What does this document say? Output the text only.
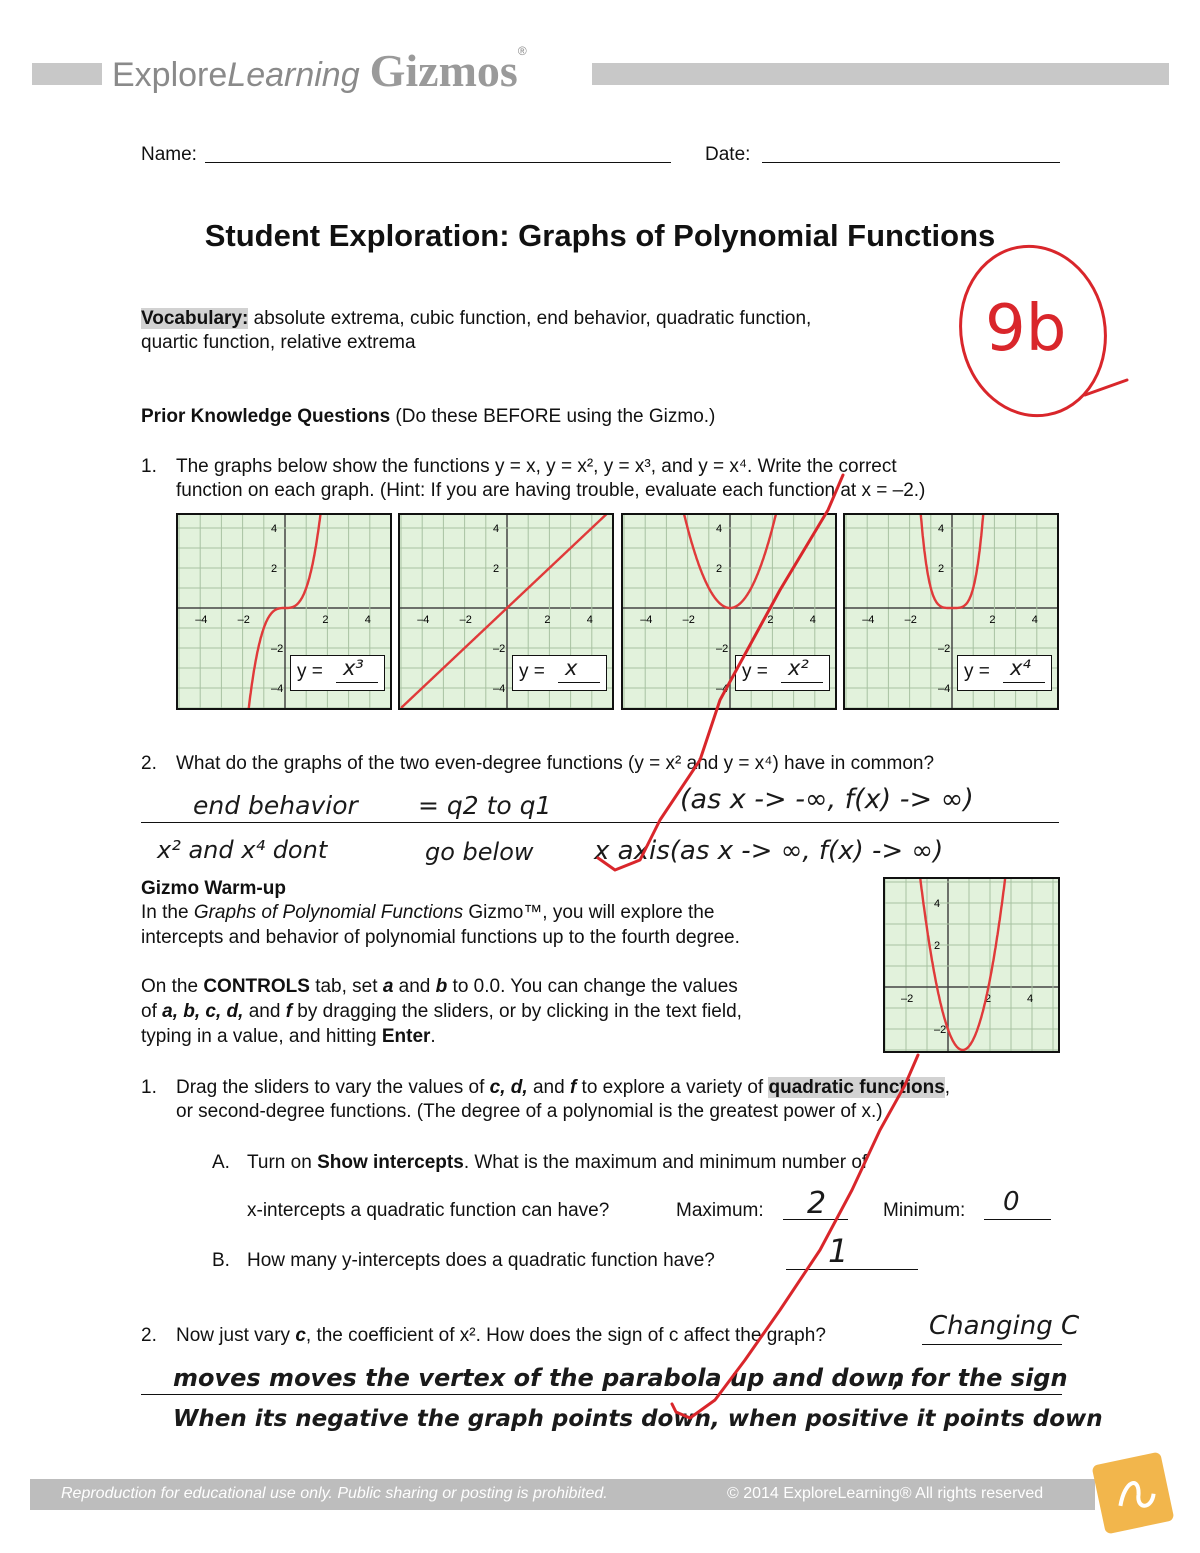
ExploreLearning Gizmos®
Name:	Date:
Student Exploration: Graphs of Polynomial Functions
Vocabulary: absolute extrema, cubic function, end behavior, quadratic function,
quartic function, relative extrema
Prior Knowledge Questions (Do these BEFORE using the Gizmo.)
1. The graphs below show the functions y = x, y = x², y = x³, and y = x⁴. Write the correct
function on each graph. (Hint: If you are having trouble, evaluate each function at x = –2.)
–4	–2	2	4
4
2
–2
–4
y = x³
–4	–2	2	4
4
2
–2
–4
y = x
–4	–2	2	4
4
2
–2
–4
y = x²
–4	–2	2	4
4
2
–2
–4
y = x⁴
2. What do the graphs of the two even-degree functions (y = x² and y = x⁴) have in common?
end behavior = q2 to q1	(as x -> -∞, f(x) -> ∞)
x² and x⁴ dont	go below x axis(as x -> ∞, f(x) -> ∞)
Gizmo Warm-up
In the Graphs of Polynomial Functions Gizmo™, you will explore the
intercepts and behavior of polynomial functions up to the fourth degree.
On the CONTROLS tab, set a and b to 0.0. You can change the values
of a, b, c, d, and f by dragging the sliders, or by clicking in the text field,
typing in a value, and hitting Enter.
–2	2	4
4
2
–2
1. Drag the sliders to vary the values of c, d, and f to explore a variety of quadratic functions,
or second-degree functions. (The degree of a polynomial is the greatest power of x.)
A. Turn on Show intercepts. What is the maximum and minimum number of
x-intercepts a quadratic function can have?	Maximum:	Minimum:
2	0
B. How many y-intercepts does a quadratic function have?	1
2. Now just vary c, the coefficient of x². How does the sign of c affect the graph?	Changing C
moves moves the vertex of the parabola up and down
, for the sign
When its negative the graph points down, when positive it points down
9b
Reproduction for educational use only. Public sharing or posting is prohibited.	© 2014 ExploreLearning® All rights reserved
